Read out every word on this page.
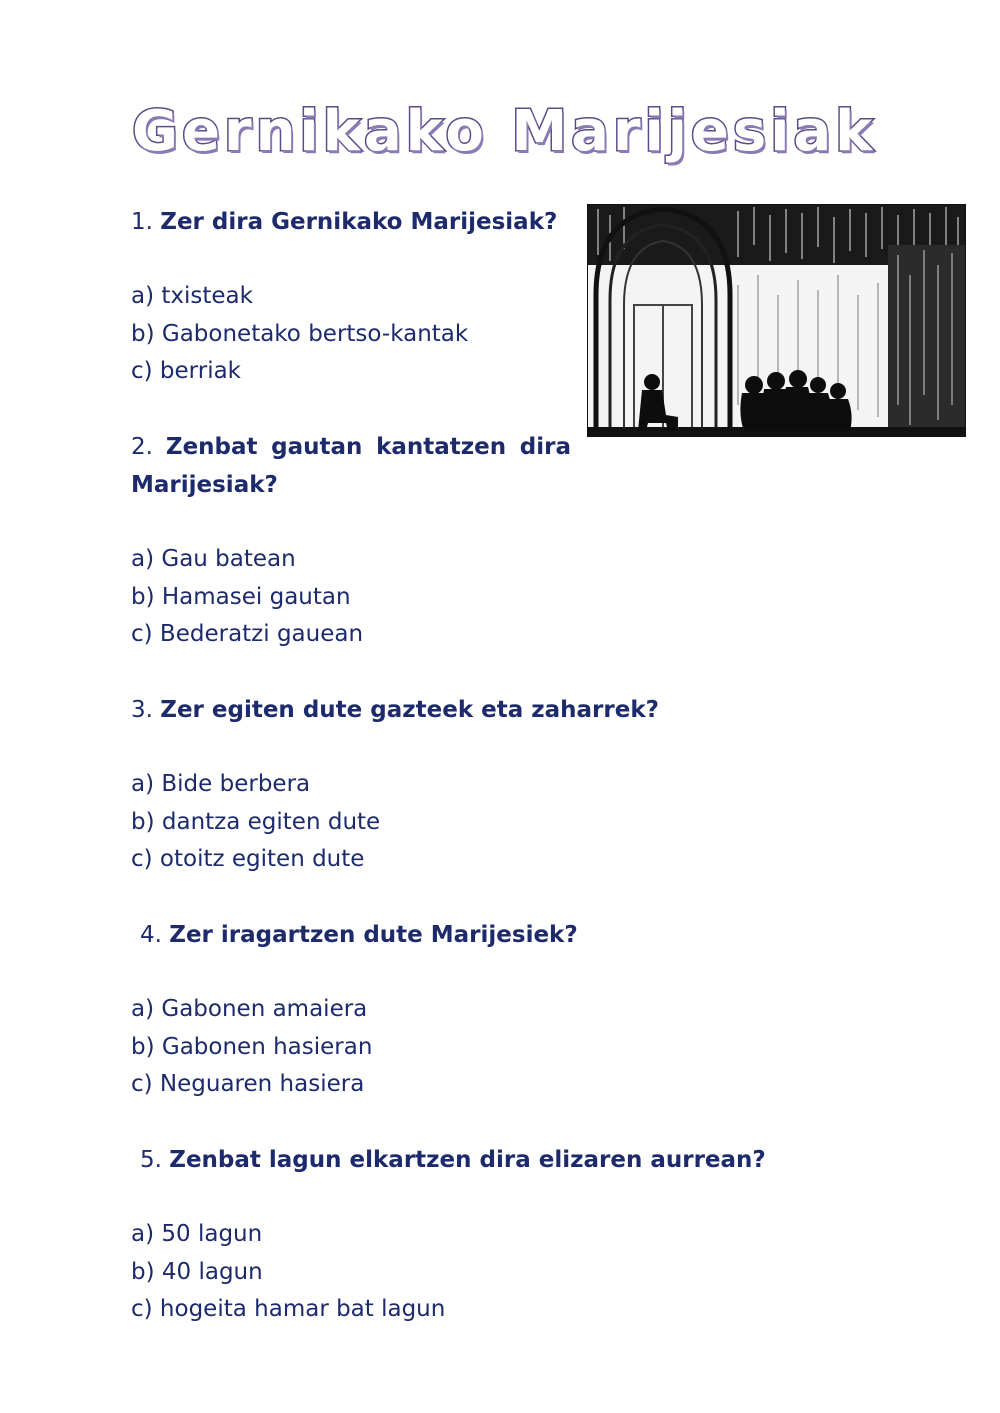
Gernikako Marijesiak

1. Zer dira Gernikako Marijesiak?

a) txisteak
b) Gabonetako bertso-kantak
c) berriak

2. Zenbat gautan kantatzen dira Marijesiak?

a) Gau batean
b) Hamasei gautan
c) Bederatzi gauean

3. Zer egiten dute gazteek eta zaharrek?

a) Bide berbera
b) dantza egiten dute
c) otoitz egiten dute

4. Zer iragartzen dute Marijesiek?

a) Gabonen amaiera
b) Gabonen hasieran
c) Neguaren hasiera

5. Zenbat lagun elkartzen dira elizaren aurrean?

a) 50 lagun
b) 40 lagun
c) hogeita hamar bat lagun
